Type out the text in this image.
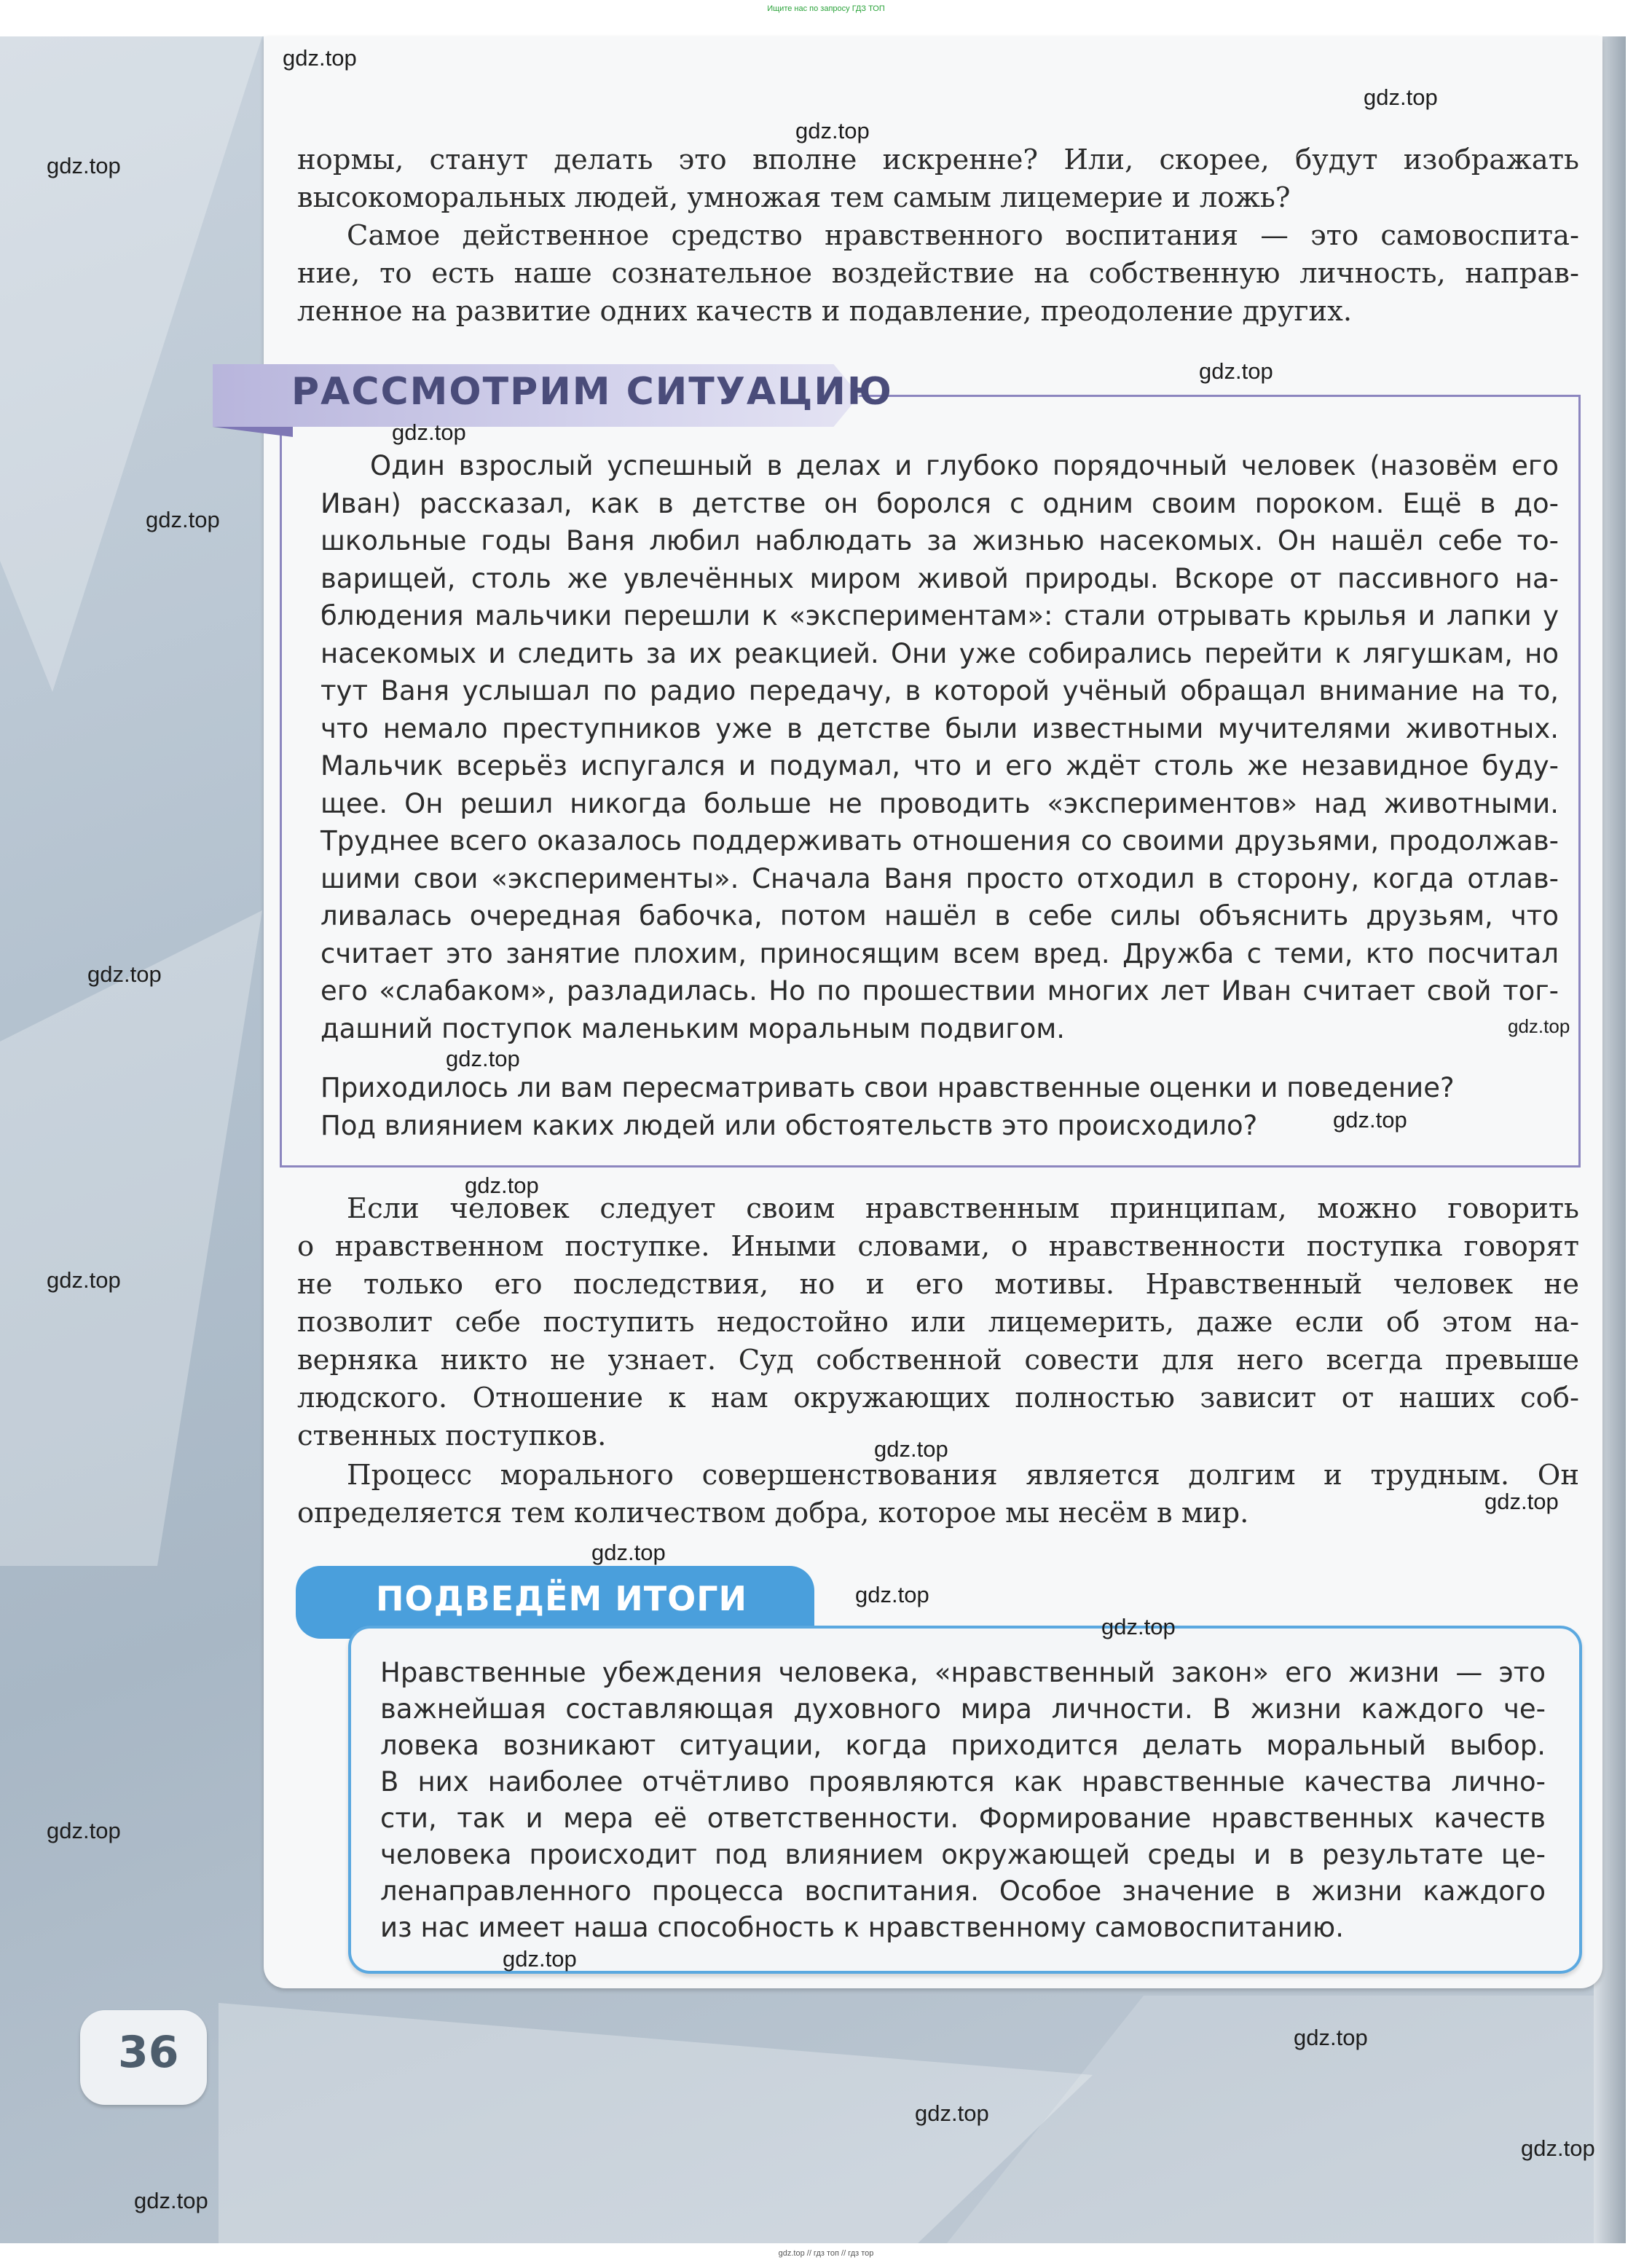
Ищите нас по запросу ГДЗ ТОП
нормы, станут делать это вполне искренне? Или, скорее, будут изображать
высокоморальных людей, умножая тем самым лицемерие и ложь?
Самое действенное средство нравственного воспитания — это самовоспита-
ние, то есть наше сознательное воздействие на собственную личность, направ-
ленное на развитие одних качеств и подавление, преодоление других.
РАССМОТРИМ СИТУАЦИЮ
Один взрослый успешный в делах и глубоко порядочный человек (назовём его
Иван) рассказал, как в детстве он боролся с одним своим пороком. Ещё в до-
школьные годы Ваня любил наблюдать за жизнью насекомых. Он нашёл себе то-
варищей, столь же увлечённых миром живой природы. Вскоре от пассивного на-
блюдения мальчики перешли к «экспериментам»: стали отрывать крылья и лапки у
насекомых и следить за их реакцией. Они уже собирались перейти к лягушкам, но
тут Ваня услышал по радио передачу, в которой учёный обращал внимание на то,
что немало преступников уже в детстве были известными мучителями животных.
Мальчик всерьёз испугался и подумал, что и его ждёт столь же незавидное буду-
щее. Он решил никогда больше не проводить «экспериментов» над животными.
Труднее всего оказалось поддерживать отношения со своими друзьями, продолжав-
шими свои «эксперименты». Сначала Ваня просто отходил в сторону, когда отлав-
ливалась очередная бабочка, потом нашёл в себе силы объяснить друзьям, что
считает это занятие плохим, приносящим всем вред. Дружба с теми, кто посчитал
его «слабаком», разладилась. Но по прошествии многих лет Иван считает свой тог-
дашний поступок маленьким моральным подвигом.
Приходилось ли вам пересматривать свои нравственные оценки и поведение?
Под влиянием каких людей или обстоятельств это происходило?
Если человек следует своим нравственным принципам, можно говорить
о нравственном поступке. Иными словами, о нравственности поступка говорят
не только его последствия, но и его мотивы. Нравственный человек не
позволит себе поступить недостойно или лицемерить, даже если об этом на-
верняка никто не узнает. Суд собственной совести для него всегда превыше
людского. Отношение к нам окружающих полностью зависит от наших соб-
ственных поступков.
Процесс морального совершенствования является долгим и трудным. Он
определяется тем количеством добра, которое мы несём в мир.
ПОДВЕДЁМ ИТОГИ
Нравственные убеждения человека, «нравственный закон» его жизни — это
важнейшая составляющая духовного мира личности. В жизни каждого че-
ловека возникают ситуации, когда приходится делать моральный выбор.
В них наиболее отчётливо проявляются как нравственные качества лично-
сти, так и мера её ответственности. Формирование нравственных качеств
человека происходит под влиянием окружающей среды и в результате це-
ленаправленного процесса воспитания. Особое значение в жизни каждого
из нас имеет наша способность к нравственному самовоспитанию.
36
gdz.top
gdz.top
gdz.top
gdz.top
gdz.top
gdz.top
gdz.top
gdz.top
gdz.top
gdz.top
gdz.top
gdz.top
gdz.top
gdz.top
gdz.top
gdz.top
gdz.top
gdz.top
gdz.top
gdz.top
gdz.top
gdz.top
gdz.top
gdz.top
gdz.top // гдз топ // гдз тор
